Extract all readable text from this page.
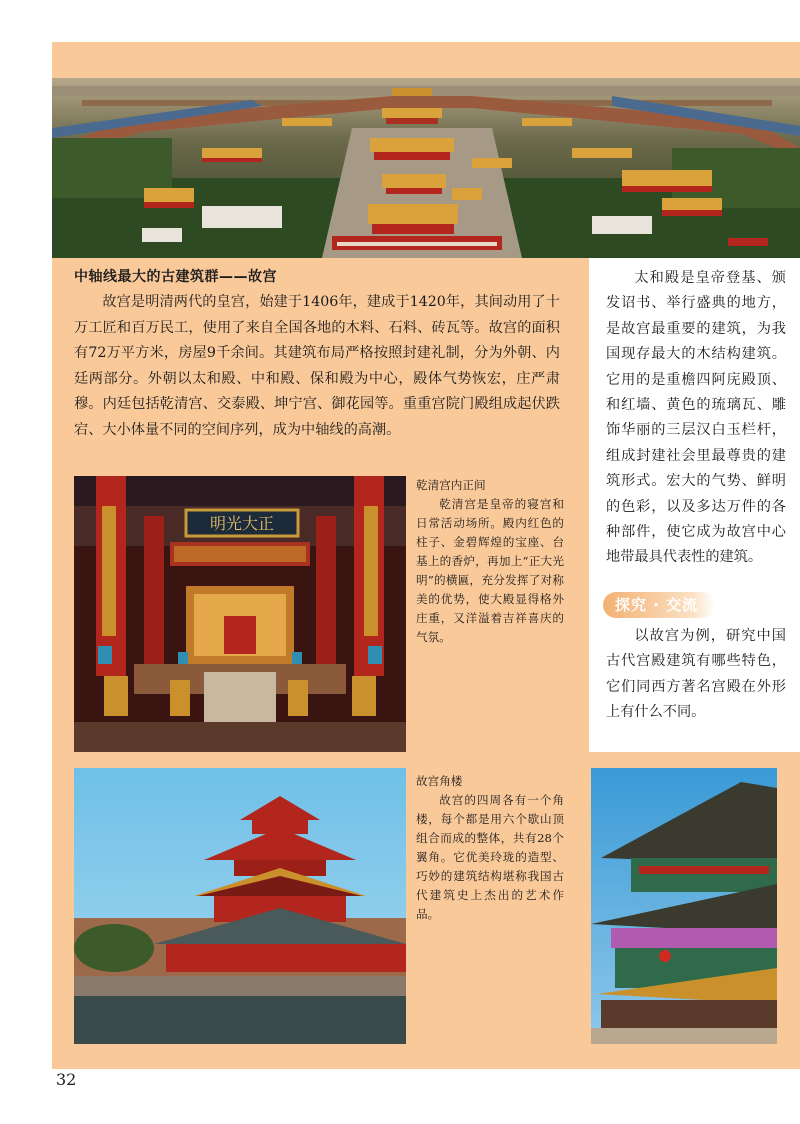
中轴线最大的古建筑群——故宫

故宫是明清两代的皇宫，始建于1406年，建成于1420年，其间动用了十万工匠和百万民工，使用了来自全国各地的木料、石料、砖瓦等。故宫的面积有72万平方米，房屋9千余间。其建筑布局严格按照封建礼制，分为外朝、内廷两部分。外朝以太和殿、中和殿、保和殿为中心，殿体气势恢宏，庄严肃穆。内廷包括乾清宫、交泰殿、坤宁宫、御花园等。重重宫院门殿组成起伏跌宕、大小体量不同的空间序列，成为中轴线的高潮。

太和殿是皇帝登基、颁发诏书、举行盛典的地方，是故宫最重要的建筑，为我国现存最大的木结构建筑。它用的是重檐四阿庑殿顶、和红墙、黄色的琉璃瓦、雕饰华丽的三层汉白玉栏杆，组成封建社会里最尊贵的建筑形式。宏大的气势、鲜明的色彩，以及多达万件的各种部件，使它成为故宫中心地带最具代表性的建筑。

探究 · 交流

以故宫为例，研究中国古代宫殿建筑有哪些特色，它们同西方著名宫殿在外形上有什么不同。

明光大正
乾清宫内正间
乾清宫是皇帝的寝宫和日常活动场所。殿内红色的柱子、金碧辉煌的宝座、台基上的香炉，再加上“正大光明”的横匾，充分发挥了对称美的优势，使大殿显得格外庄重，又洋溢着吉祥喜庆的气氛。
故宫角楼
故宫的四周各有一个角楼，每个都是用六个歇山顶组合而成的整体，共有28个翼角。它优美玲珑的造型、巧妙的建筑结构堪称我国古代建筑史上杰出的艺术作品。
32
